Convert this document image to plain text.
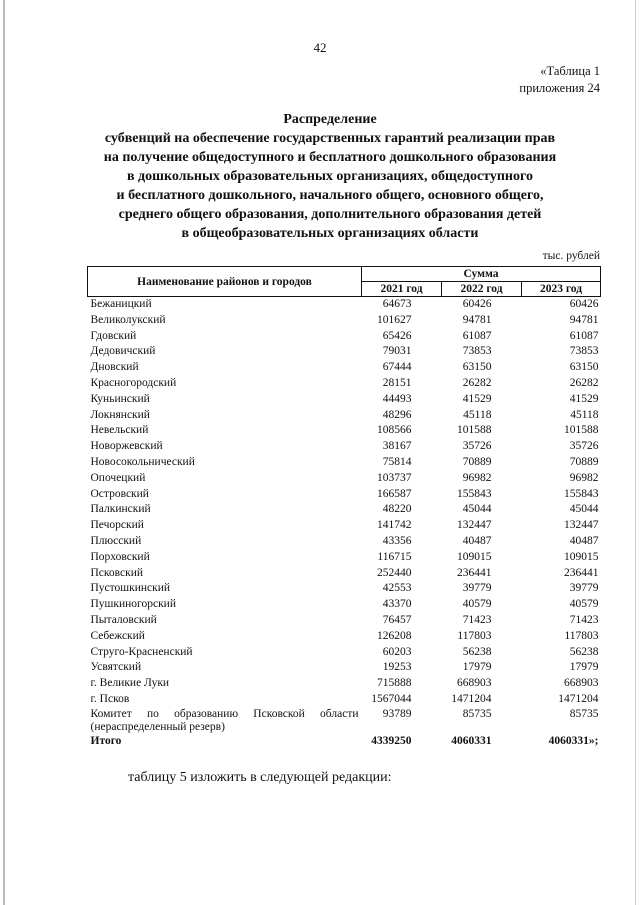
42
«Таблица 1
приложения 24
Распределение
субвенций на обеспечение государственных гарантий реализации прав
на получение общедоступного и бесплатного дошкольного образования
в дошкольных образовательных организациях, общедоступного
и бесплатного дошкольного, начального общего, основного общего,
среднего общего образования, дополнительного образования детей
в общеобразовательных организациях области
тыс. рублей
Наименование районов и городов	Сумма		
	2021 год	2022 год	2023 год
Бежаницкий	64673	60426	60426
Великолукский	101627	94781	94781
Гдовский	65426	61087	61087
Дедовичский	79031	73853	73853
Дновский	67444	63150	63150
Красногородский	28151	26282	26282
Куньинский	44493	41529	41529
Локнянский	48296	45118	45118
Невельский	108566	101588	101588
Новоржевский	38167	35726	35726
Новосокольнический	75814	70889	70889
Опочецкий	103737	96982	96982
Островский	166587	155843	155843
Палкинский	48220	45044	45044
Печорский	141742	132447	132447
Плюсский	43356	40487	40487
Порховский	116715	109015	109015
Псковский	252440	236441	236441
Пустошкинский	42553	39779	39779
Пушкиногорский	43370	40579	40579
Пыталовский	76457	71423	71423
Себежский	126208	117803	117803
Струго-Красненский	60203	56238	56238
Усвятский	19253	17979	17979
г. Великие Луки	715888	668903	668903
г. Псков	1567044	1471204	1471204
Комитет по образованию Псковской области (нераспределенный резерв)	93789	85735	85735
Итого	4339250	4060331	4060331»;
таблицу 5 изложить в следующей редакции:
